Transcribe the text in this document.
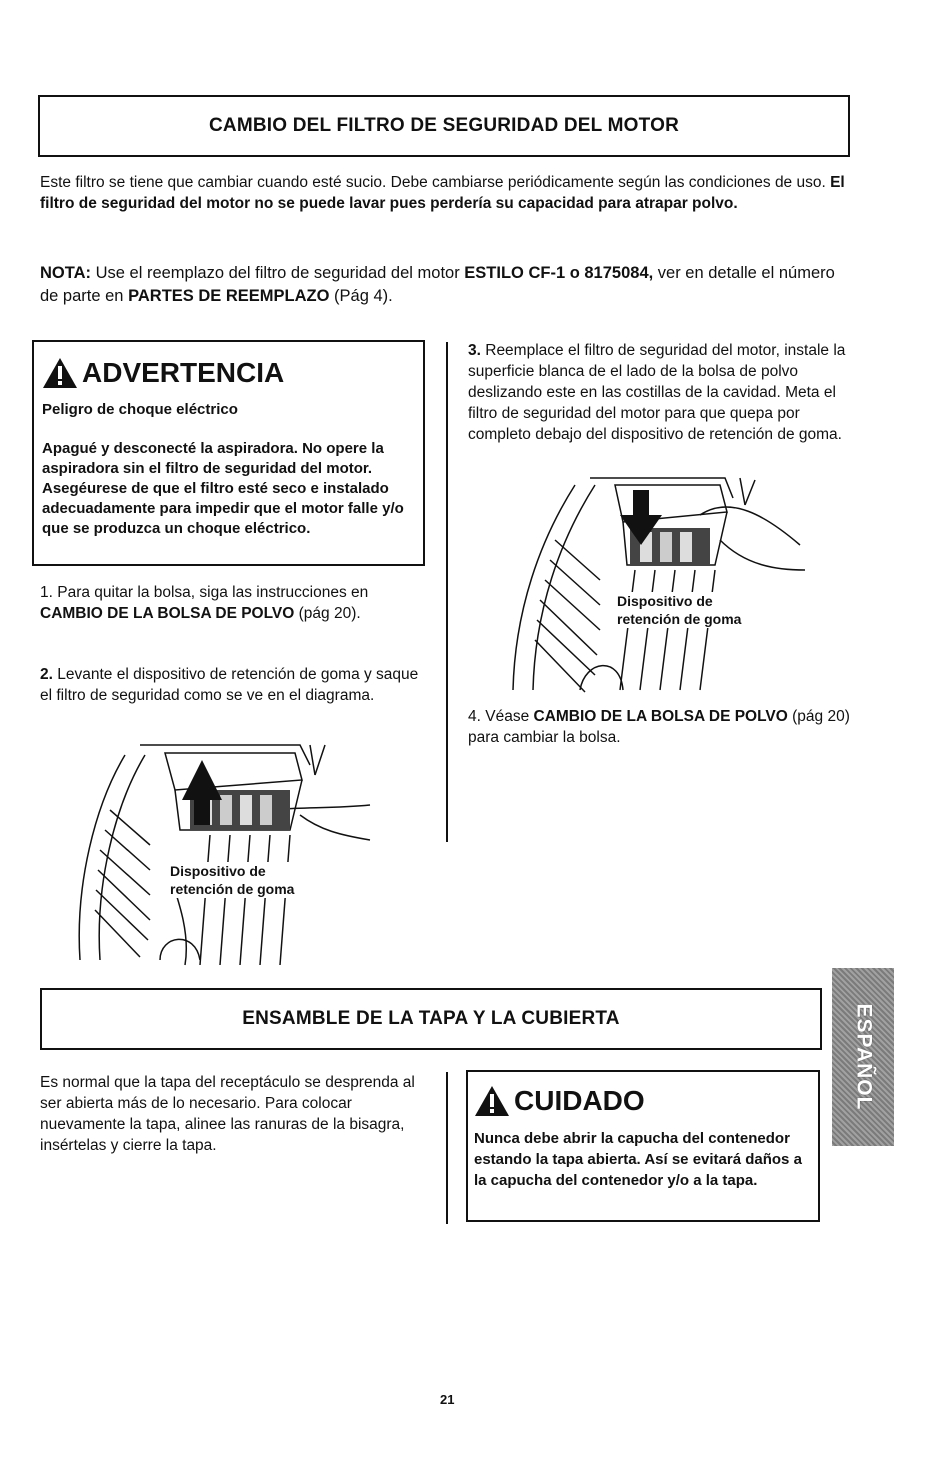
CAMBIO DEL FILTRO DE SEGURIDAD DEL MOTOR
Este filtro se tiene que cambiar cuando esté sucio. Debe cambiarse periódicamente según las condiciones de uso. El filtro de seguridad del motor no se puede lavar pues perdería su capacidad para atrapar polvo.
NOTA: Use el reemplazo del filtro de seguridad del motor ESTILO CF-1 o 8175084, ver en detalle el número de parte en PARTES DE REEMPLAZO (Pág 4).
ADVERTENCIA
Peligro de choque eléctrico
Apagué y desconecté la aspiradora. No opere la aspiradora sin el filtro de seguridad del motor. Asegéurese de que el filtro esté seco e instalado adecuadamente para impedir que el motor falle y/o que se produzca un choque eléctrico.
1. Para quitar la bolsa, siga las instrucciones en CAMBIO DE LA BOLSA DE POLVO (pág 20).
2. Levante el dispositivo de retención de goma y saque el filtro de seguridad como se ve en el diagrama.
Dispositivo de
retención de goma
3. Reemplace el filtro de seguridad del motor, instale la superficie blanca de el lado de la bolsa de polvo deslizando este en las costillas de la cavidad. Meta el filtro de seguridad del motor para que quepa por completo debajo del dispositivo de retención de goma.
Dispositivo de
retención de goma
4. Véase CAMBIO DE LA BOLSA DE POLVO (pág 20) para cambiar la bolsa.
ENSAMBLE DE LA TAPA Y LA CUBIERTA	ESPAÑOL
Es normal que la tapa del receptáculo se desprenda al ser abierta más de lo necesario. Para colocar nuevamente la tapa, alinee las ranuras de la bisagra, insértelas y cierre la tapa.
CUIDADO
Nunca debe abrir la capucha del contenedor estando la tapa abierta. Así se evitará daños a la capucha del contenedor y/o a la tapa.
21
